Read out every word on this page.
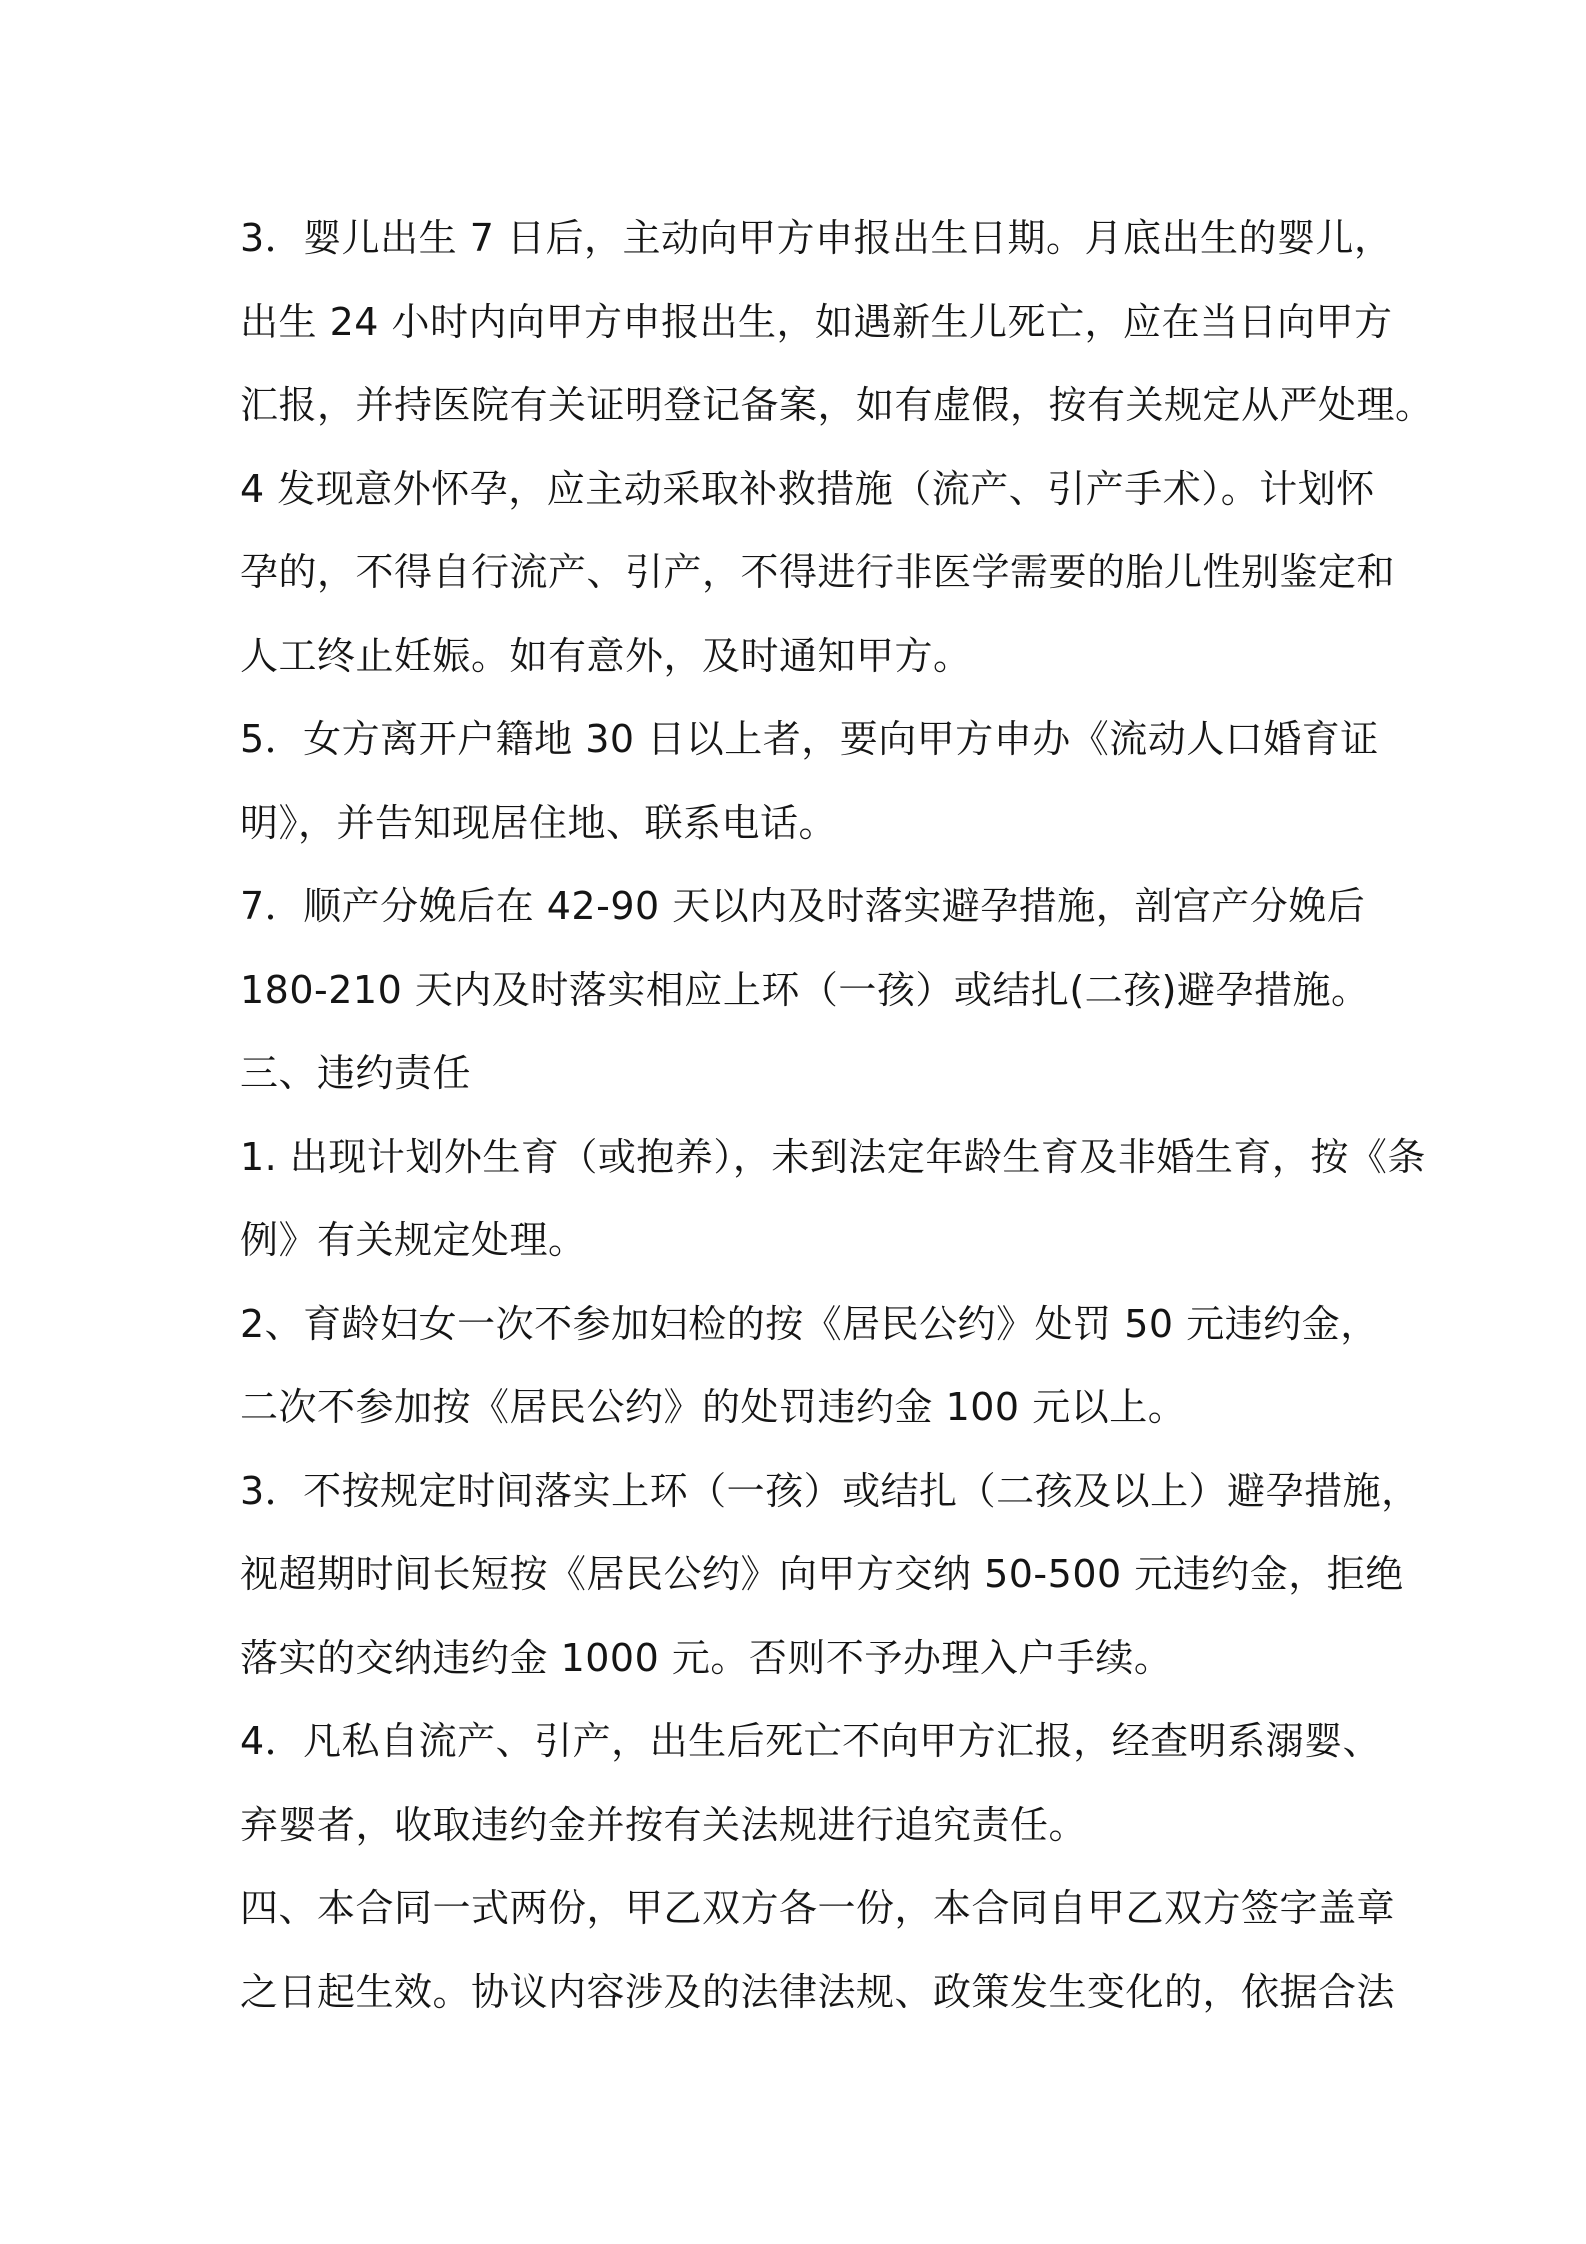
3．婴儿出生 7 日后，主动向甲方申报出生日期。月底出生的婴儿，
出生 24 小时内向甲方申报出生，如遇新生儿死亡，应在当日向甲方
汇报，并持医院有关证明登记备案，如有虚假，按有关规定从严处理。
4 发现意外怀孕，应主动采取补救措施（流产、引产手术）。计划怀
孕的，不得自行流产、引产，不得进行非医学需要的胎儿性别鉴定和
人工终止妊娠。如有意外，及时通知甲方。
5．女方离开户籍地 30 日以上者，要向甲方申办《流动人口婚育证
明》，并告知现居住地、联系电话。
7．顺产分娩后在 42-90 天以内及时落实避孕措施，剖宫产分娩后
180-210 天内及时落实相应上环（一孩）或结扎(二孩)避孕措施。
三、违约责任
1. 出现计划外生育（或抱养），未到法定年龄生育及非婚生育，按《条
例》有关规定处理。
2、育龄妇女一次不参加妇检的按《居民公约》处罚 50 元违约金，
二次不参加按《居民公约》的处罚违约金 100 元以上。
3．不按规定时间落实上环（一孩）或结扎（二孩及以上）避孕措施，
视超期时间长短按《居民公约》向甲方交纳 50-500 元违约金，拒绝
落实的交纳违约金 1000 元。否则不予办理入户手续。
4．凡私自流产、引产，出生后死亡不向甲方汇报，经查明系溺婴、
弃婴者，收取违约金并按有关法规进行追究责任。
四、本合同一式两份，甲乙双方各一份，本合同自甲乙双方签字盖章
之日起生效。协议内容涉及的法律法规、政策发生变化的，依据合法
